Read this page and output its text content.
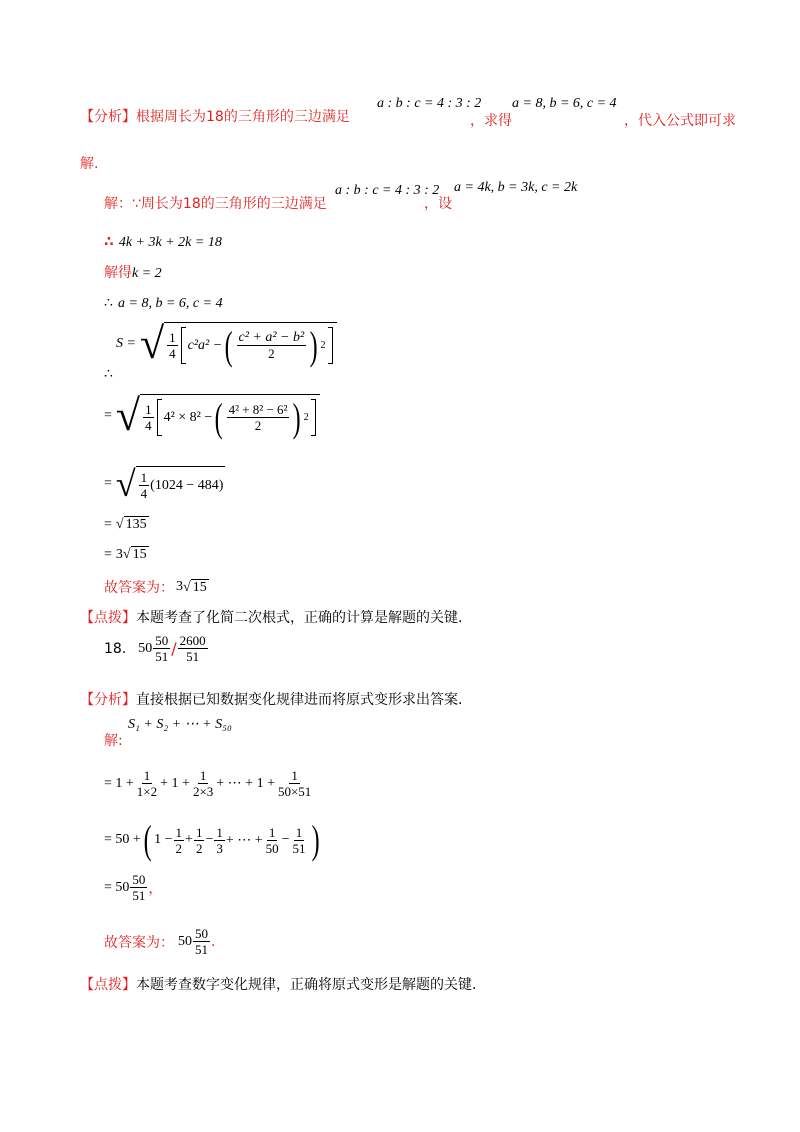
【分析】根据周长为18的三角形的三边满足
a : b : c = 4 : 3 : 2
，求得
a = 8, b = 6, c = 4
，代入公式即可求
解.
解：∵周长为18的三角形的三边满足
a : b : c = 4 : 3 : 2
，设
a = 4k, b = 3k, c = 2k
∴ 4k + 3k + 2k = 18
解得k = 2
∴ a = 8, b = 6, c = 4
∴
S = √ $\frac{1}{4} c^2a^2$ − ( $\frac{\text{c² + a² − b²}}{2}$ ) 2
= √ $\frac{1}{4} 4^2 \times 8^2$ − ( $\frac{\text{4² + 8² − 6²}}{2}$ ) 2
= √ $\frac{1}{4} (1024 - 484)$
= √ 135
= 3 √ 15
故答案为： 3 √ 15
【点拨】本题考查了化简二次根式，正确的计算是解题的关键.
18. $50 \frac{50}{51} / \frac{2600}{51}$
【分析】直接根据已知数据变化规律进而将原式变形求出答案.
解:
S₁ + S₂ + ⋯ + S₅₀
= $1 + \frac{1}{1\times 2} + 1 + \frac{1}{2\times 3}$ + ⋯ + $1 + \frac{1}{50\times 51}$
= 50 + ( $1 - \frac{1}{2} + \frac{1}{2} - \frac{1}{3}$ + ⋯ + $\frac{1}{50} - \frac{1}{51}$ )
= $50 \frac{50}{51}$ ，
故答案为： $50 \frac{50}{51}$ .
【点拨】本题考查数字变化规律，正确将原式变形是解题的关键.
